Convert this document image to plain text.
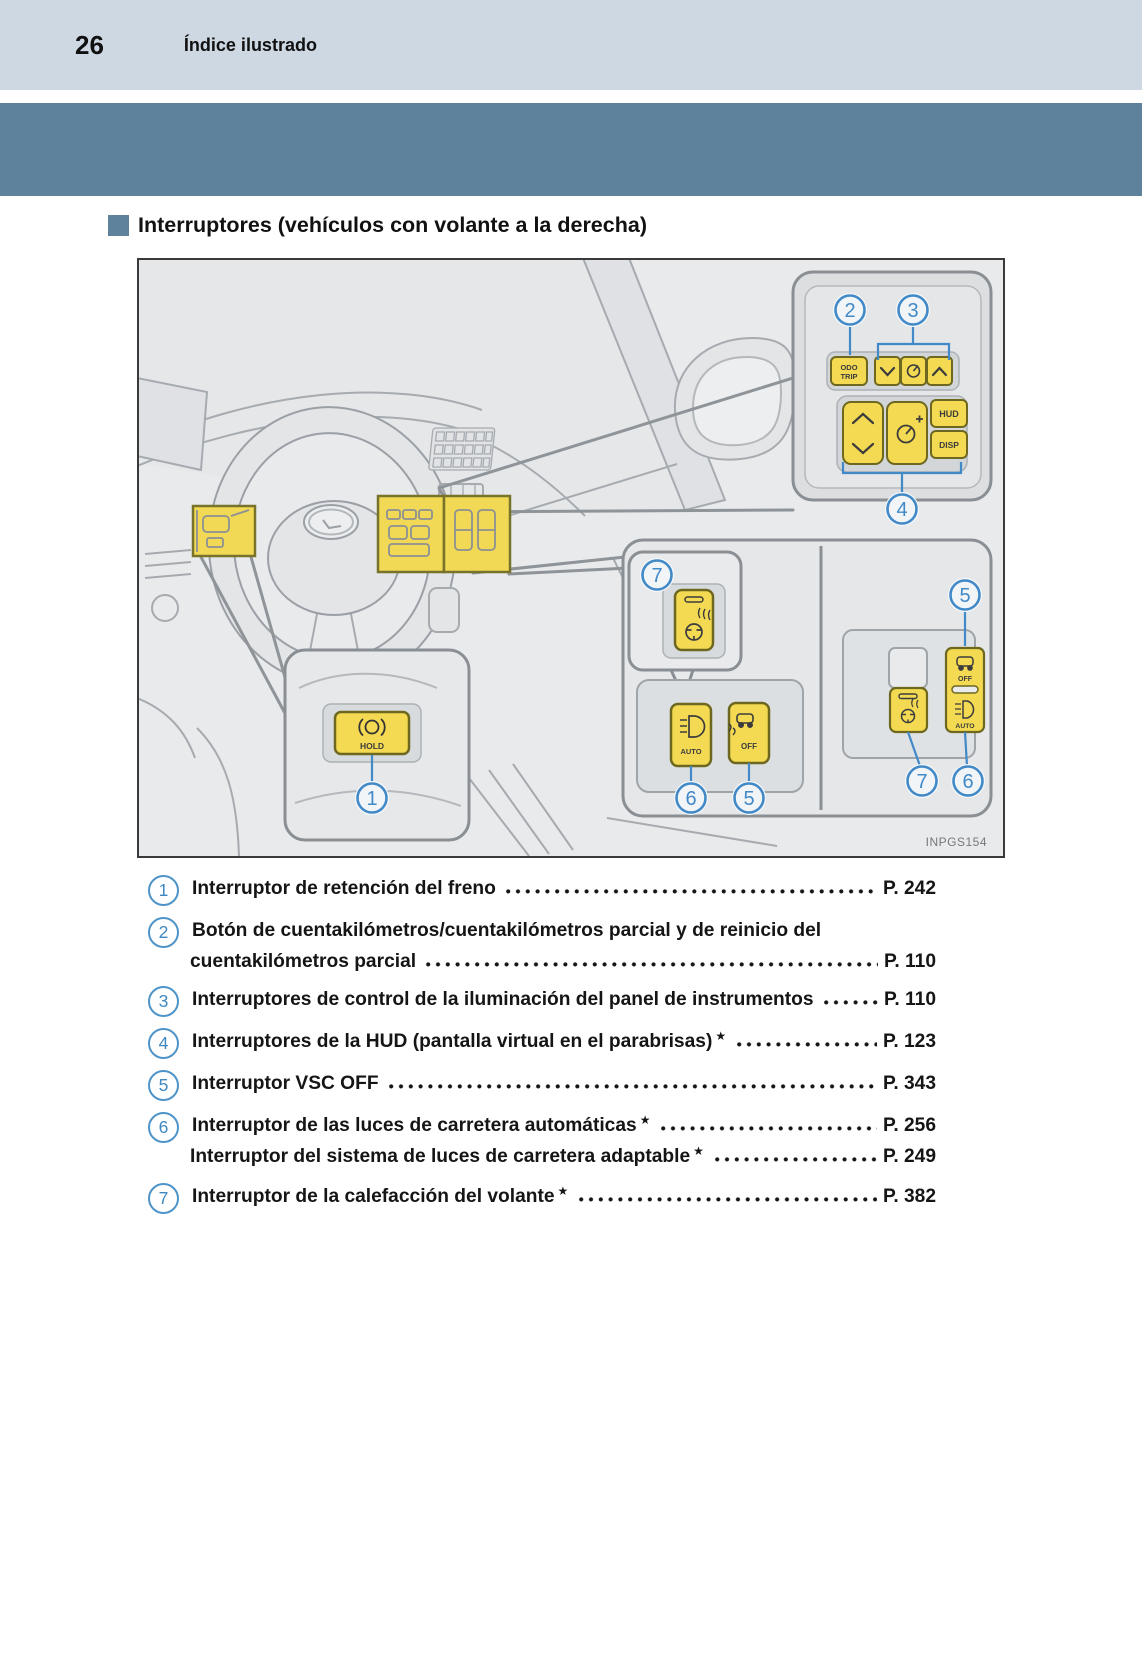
26	Índice ilustrado
Interruptores (vehículos con volante a la derecha)
ODO
TRIP
HUD
DISP
HOLD
AUTO
OFF
OFF
AUTO
1
2	3
4
5
6
7
5
7 6
INPGS154
1	Interruptor de retención del freno	P. 242
2	Botón de cuentakilómetros/cuentakilómetros parcial y de reinicio del
cuentakilómetros parcial	P. 110
3	Interruptores de control de la iluminación del panel de instrumentos	P. 110
4	Interruptores de la HUD (pantalla virtual en el parabrisas) ★	P. 123
5	Interruptor VSC OFF	P. 343
6	Interruptor de las luces de carretera automáticas ★	P. 256
Interruptor del sistema de luces de carretera adaptable ★	P. 249
7	Interruptor de la calefacción del volante ★	P. 382
